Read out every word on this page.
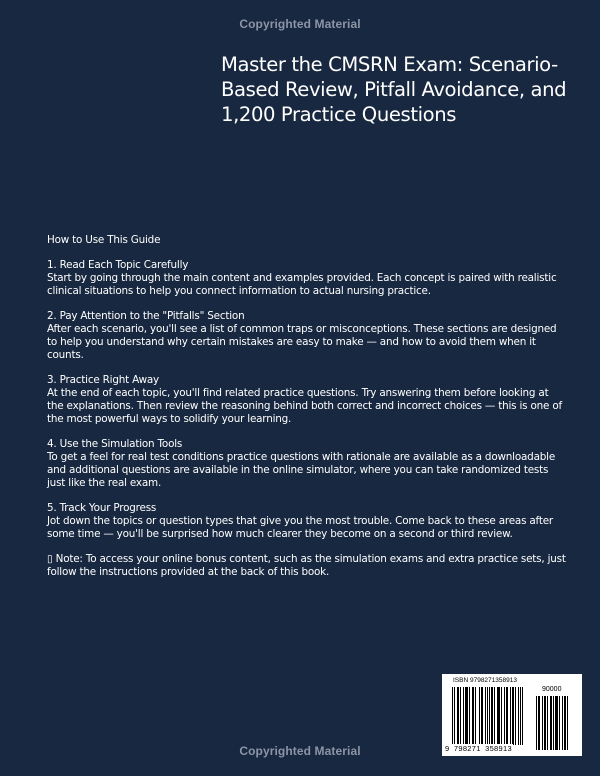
Copyrighted Material
Master the CMSRN Exam: Scenario-Based Review, Pitfall Avoidance, and 1,200 Practice Questions

How to Use This Guide

1. Read Each Topic Carefully
Start by going through the main content and examples provided. Each concept is paired with realistic clinical situations to help you connect information to actual nursing practice.

2. Pay Attention to the "Pitfalls" Section
After each scenario, you'll see a list of common traps or misconceptions. These sections are designed to help you understand why certain mistakes are easy to make — and how to avoid them when it counts.

3. Practice Right Away
At the end of each topic, you'll find related practice questions. Try answering them before looking at the explanations. Then review the reasoning behind both correct and incorrect choices — this is one of the most powerful ways to solidify your learning.

4. Use the Simulation Tools
To get a feel for real test conditions practice questions with rationale are available as a downloadable and additional questions are available in the online simulator, where you can take randomized tests just like the real exam.

5. Track Your Progress
Jot down the topics or question types that give you the most trouble. Come back to these areas after some time — you'll be surprised how much clearer they become on a second or third review.

▯ Note: To access your online bonus content, such as the simulation exams and extra practice sets, just follow the instructions provided at the back of this book.

ISBN 9798271358913
90000
9 798271 358913
Copyrighted Material
